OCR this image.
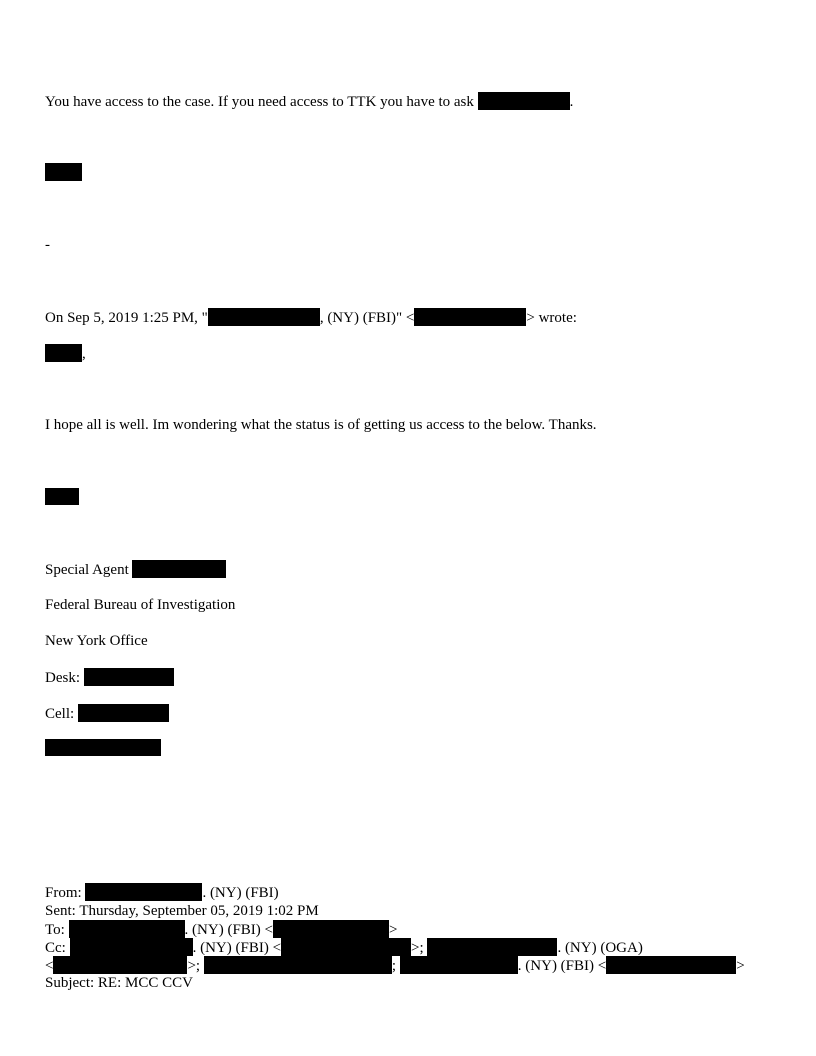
You have access to the case. If you need access to TTK you have to ask	.
-
On Sep 5, 2019 1:25 PM, "	, (NY) (FBI)" <	> wrote:
,
I hope all is well. Im wondering what the status is of getting us access to the below. Thanks.
Special Agent
Federal Bureau of Investigation
New York Office
Desk:
Cell:
From:	. (NY) (FBI)
Sent: Thursday, September 05, 2019 1:02 PM
To:	. (NY) (FBI) <	>
Cc:	. (NY) (FBI) <	>;	. (NY) (OGA)
<	>;	;	. (NY) (FBI) <	>
Subject: RE: MCC CCV
